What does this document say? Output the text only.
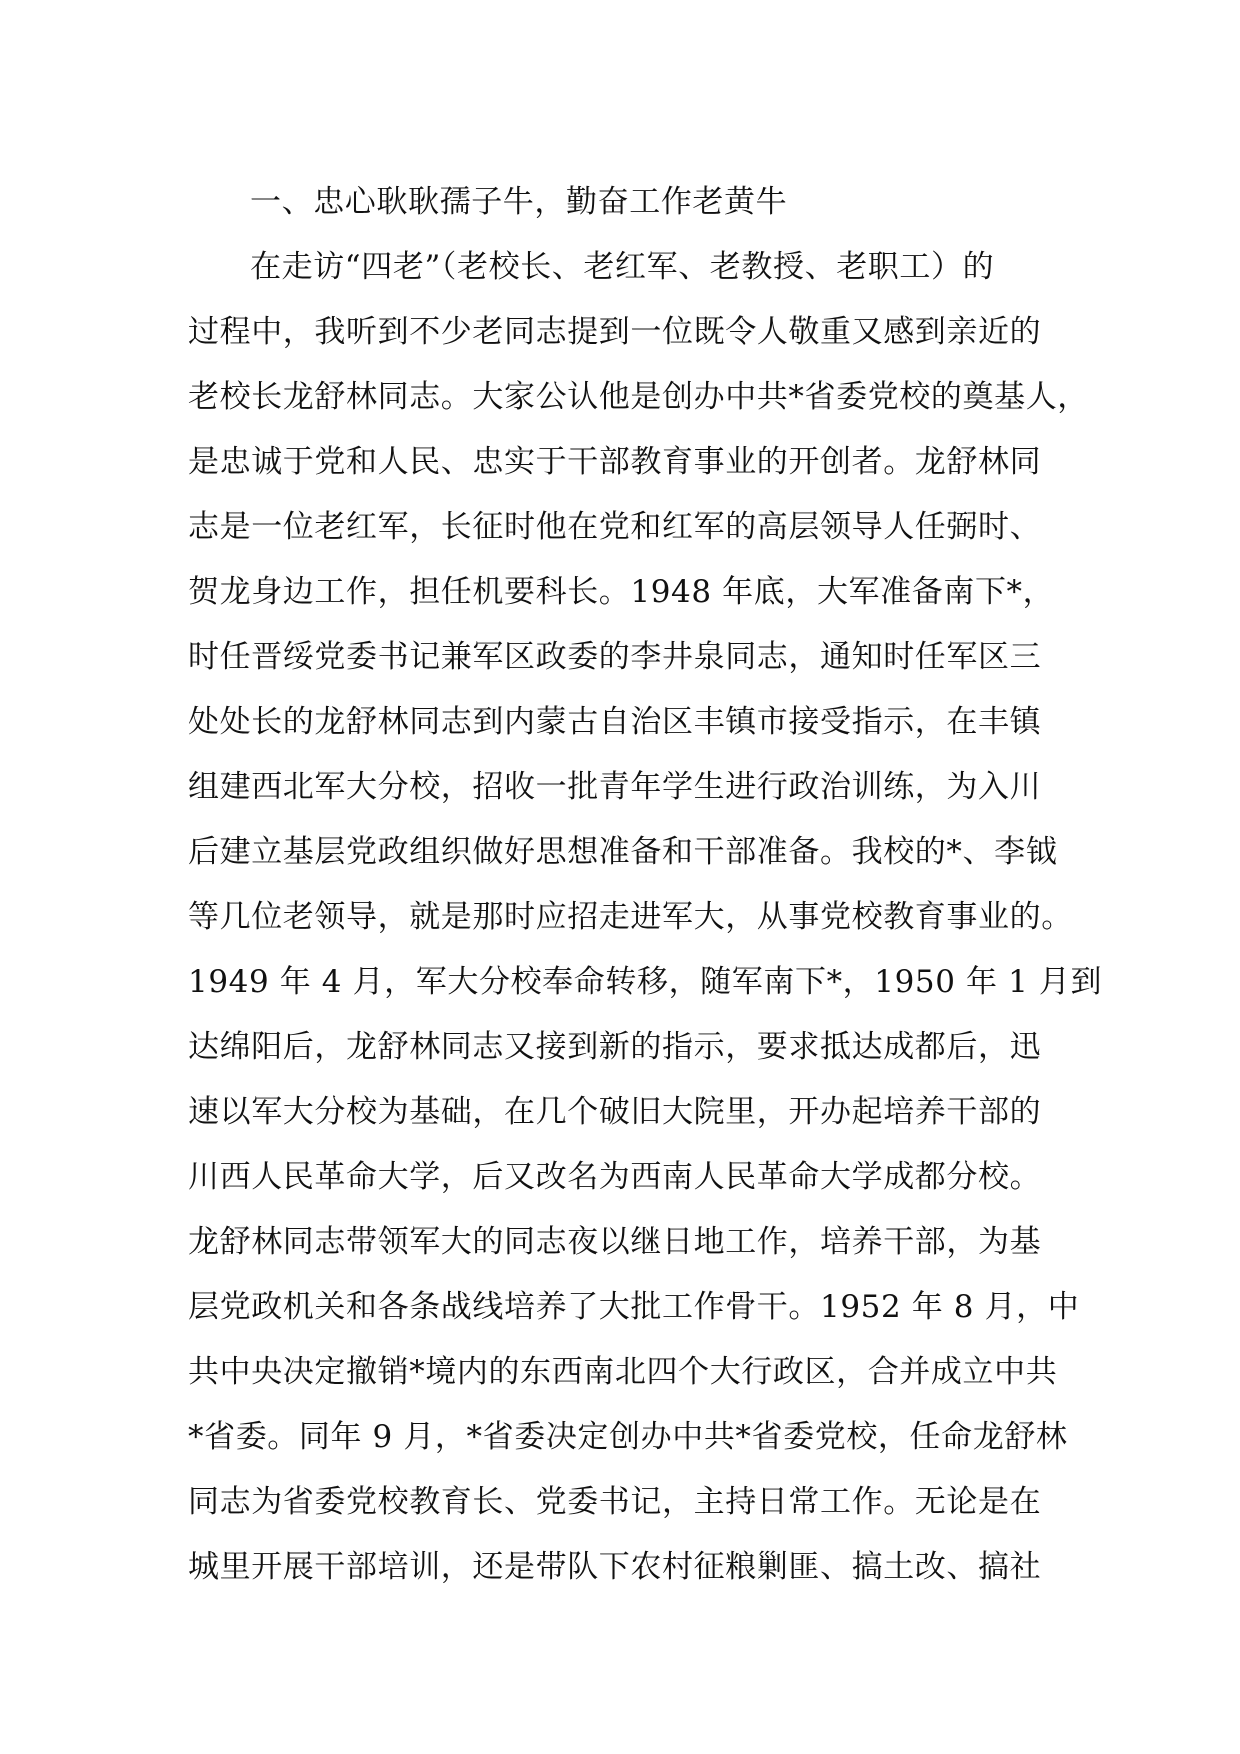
一、忠心耿耿孺子牛，勤奋工作老黄牛
在走访“四老”（老校长、老红军、老教授、老职工）的
过程中，我听到不少老同志提到一位既令人敬重又感到亲近的
老校长龙舒林同志。大家公认他是创办中共*省委党校的奠基人，
是忠诚于党和人民、忠实于干部教育事业的开创者。龙舒林同
志是一位老红军，长征时他在党和红军的高层领导人任弼时、
贺龙身边工作，担任机要科长。1948 年底，大军准备南下*，
时任晋绥党委书记兼军区政委的李井泉同志，通知时任军区三
处处长的龙舒林同志到内蒙古自治区丰镇市接受指示，在丰镇
组建西北军大分校，招收一批青年学生进行政治训练，为入川
后建立基层党政组织做好思想准备和干部准备。我校的*、李钺
等几位老领导，就是那时应招走进军大，从事党校教育事业的。
1949 年 4 月，军大分校奉命转移，随军南下*，1950 年 1 月到
达绵阳后，龙舒林同志又接到新的指示，要求抵达成都后，迅
速以军大分校为基础，在几个破旧大院里，开办起培养干部的
川西人民革命大学，后又改名为西南人民革命大学成都分校。
龙舒林同志带领军大的同志夜以继日地工作，培养干部，为基
层党政机关和各条战线培养了大批工作骨干。1952 年 8 月，中
共中央决定撤销*境内的东西南北四个大行政区，合并成立中共
*省委。同年 9 月，*省委决定创办中共*省委党校，任命龙舒林
同志为省委党校教育长、党委书记，主持日常工作。无论是在
城里开展干部培训，还是带队下农村征粮剿匪、搞土改、搞社
